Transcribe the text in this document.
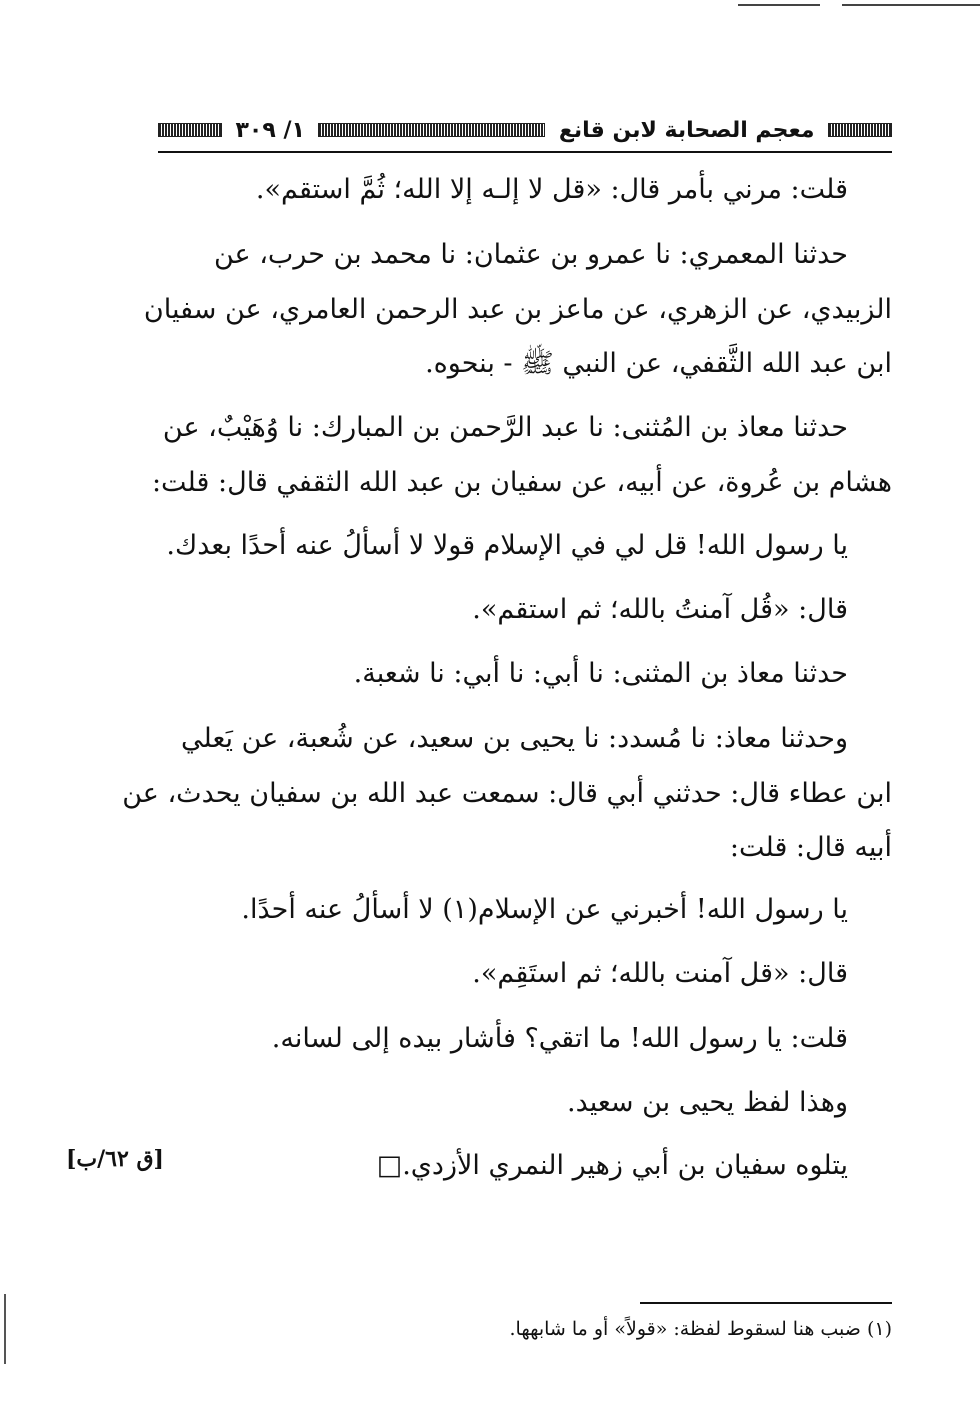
معجم الصحابة لابن قانع
١/ ٣٠٩
قلت: مرني بأمر قال: «قل لا إلـه إلا الله؛ ثُمَّ استقم».
حدثنا المعمري: نا عمرو بن عثمان: نا محمد بن حرب، عن
الزبيدي، عن الزهري، عن ماعز بن عبد الرحمن العامري، عن سفيان
ابن عبد الله الثَّقفي، عن النبي ﷺ - بنحوه.
حدثنا معاذ بن المُثنى: نا عبد الرَّحمن بن المبارك: نا وُهَيْبٌ، عن
هشام بن عُروة، عن أبيه، عن سفيان بن عبد الله الثقفي قال: قلت:
يا رسول الله! قل لي في الإسلام قولا لا أسألُ عنه أحدًا بعدك.
قال: «قُل آمنتُ بالله؛ ثم استقم».
حدثنا معاذ بن المثنى: نا أبي: نا أبي: نا شعبة.
وحدثنا معاذ: نا مُسدد: نا يحيى بن سعيد، عن شُعبة، عن يَعلي
ابن عطاء قال: حدثني أبي قال: سمعت عبد الله بن سفيان يحدث، عن
أبيه قال: قلت:
يا رسول الله! أخبرني عن الإسلام(١) لا أسألُ عنه أحدًا.
قال: «قل آمنت بالله؛ ثم استَقِم».
قلت: يا رسول الله! ما اتقي؟ فأشار بيده إلى لسانه.
وهذا لفظ يحيى بن سعيد.
يتلوه سفيان بن أبي زهير النمري الأزدي.□
[ق ٦٢/ب]
(١) ضبب هنا لسقوط لفظة: «قولاً» أو ما شابهها.
